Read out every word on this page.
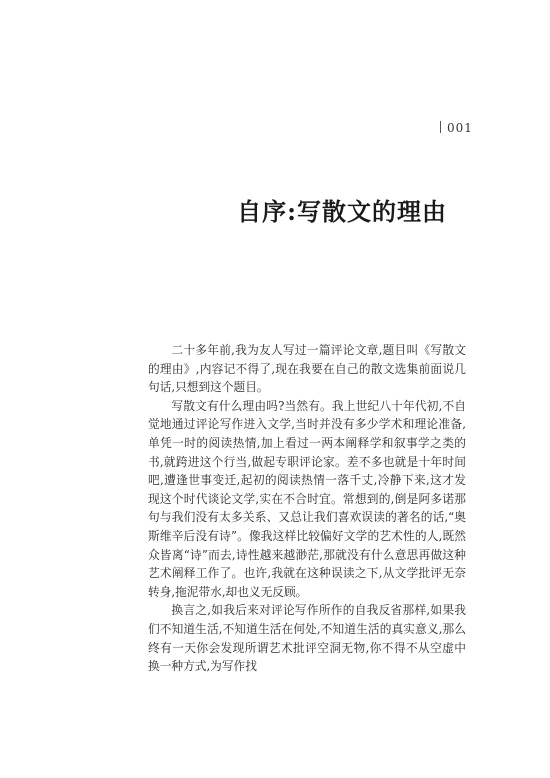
001
自序:写散文的理由

二十多年前,我为友人写过一篇评论文章,题目叫《写散文的理由》,内容记不得了,现在我要在自己的散文选集前面说几句话,只想到这个题目。

写散文有什么理由吗?当然有。我上世纪八十年代初,不自觉地通过评论写作进入文学,当时并没有多少学术和理论准备,单凭一时的阅读热情,加上看过一两本阐释学和叙事学之类的书,就跨进这个行当,做起专职评论家。差不多也就是十年时间吧,遭逢世事变迁,起初的阅读热情一落千丈,冷静下来,这才发现这个时代谈论文学,实在不合时宜。常想到的,倒是阿多诺那句与我们没有太多关系、又总让我们喜欢误读的著名的话,“奥斯维辛后没有诗”。像我这样比较偏好文学的艺术性的人,既然众皆离“诗”而去,诗性越来越渺茫,那就没有什么意思再做这种艺术阐释工作了。也许,我就在这种误读之下,从文学批评无奈转身,拖泥带水,却也义无反顾。

换言之,如我后来对评论写作所作的自我反省那样,如果我们不知道生活,不知道生活在何处,不知道生活的真实意义,那么终有一天你会发现所谓艺术批评空洞无物,你不得不从空虚中换一种方式,为写作找
